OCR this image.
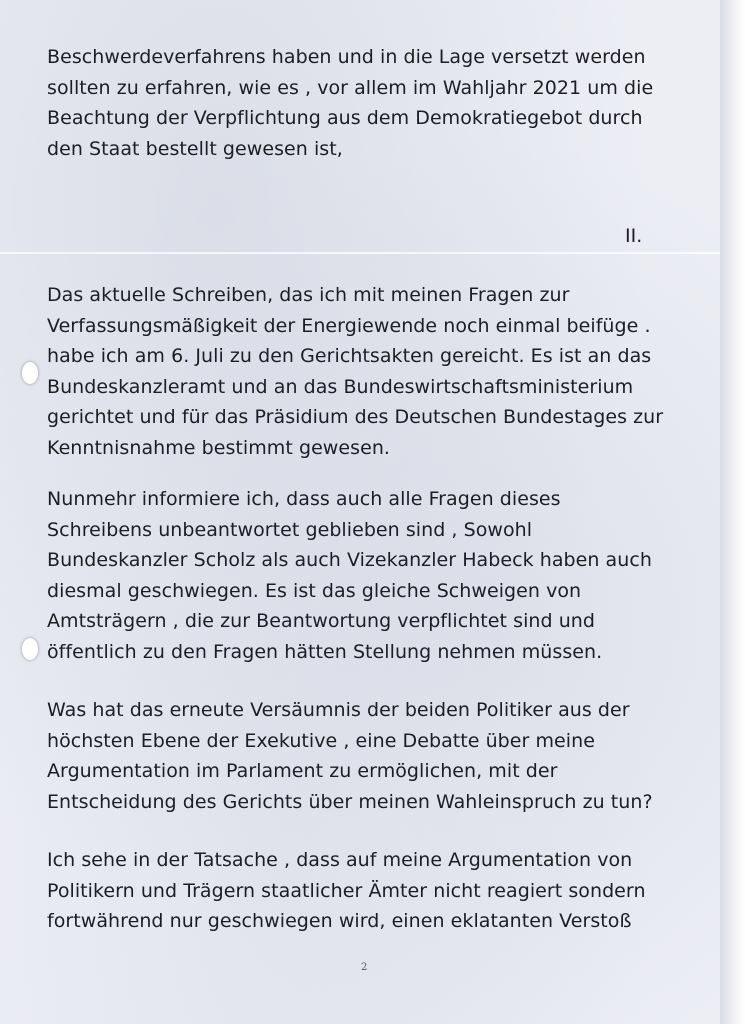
Beschwerdeverfahrens haben und in die Lage versetzt werden
sollten zu erfahren, wie es , vor allem im Wahljahr 2021 um die
Beachtung der Verpflichtung aus dem Demokratiegebot durch
den Staat bestellt gewesen ist,
II.
Das aktuelle Schreiben, das ich mit meinen Fragen zur
Verfassungsmäßigkeit der Energiewende noch einmal beifüge .
habe ich am 6. Juli zu den Gerichtsakten gereicht. Es ist an das
Bundeskanzleramt und an das Bundeswirtschaftsministerium
gerichtet und für das Präsidium des Deutschen Bundestages zur
Kenntnisnahme bestimmt gewesen.
Nunmehr informiere ich, dass auch alle Fragen dieses
Schreibens unbeantwortet geblieben sind , Sowohl
Bundeskanzler Scholz als auch Vizekanzler Habeck haben auch
diesmal geschwiegen. Es ist das gleiche Schweigen von
Amtsträgern , die zur Beantwortung verpflichtet sind und
öffentlich zu den Fragen hätten Stellung nehmen müssen.
Was hat das erneute Versäumnis der beiden Politiker aus der
höchsten Ebene der Exekutive , eine Debatte über meine
Argumentation im Parlament zu ermöglichen, mit der
Entscheidung des Gerichts über meinen Wahleinspruch zu tun?
Ich sehe in der Tatsache , dass auf meine Argumentation von
Politikern und Trägern staatlicher Ämter nicht reagiert sondern
fortwährend nur geschwiegen wird, einen eklatanten Verstoß
2
